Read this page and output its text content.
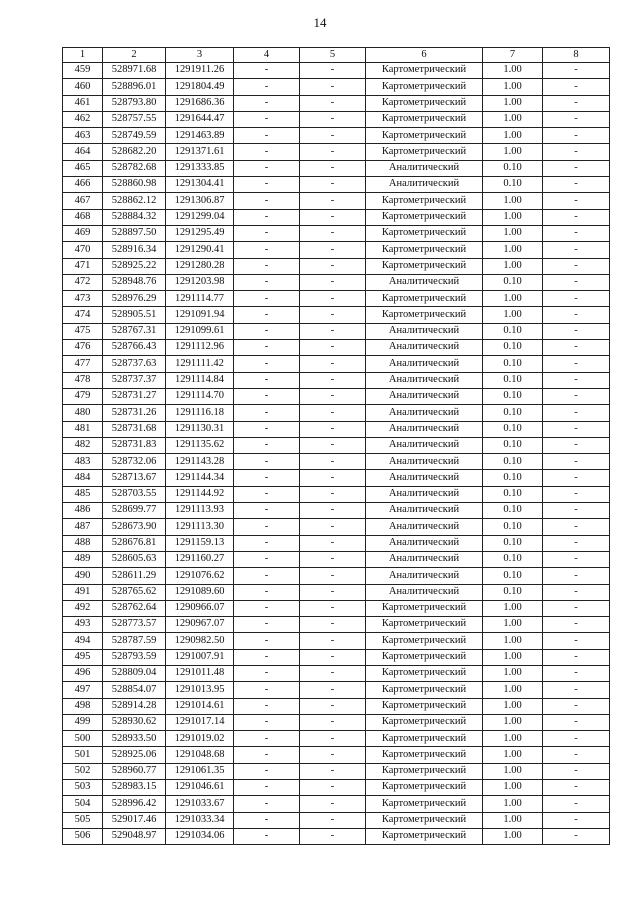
14
1	2	3	4	5	6	7	8
459	528971.68	1291911.26	-	-	Картометрический	1.00	-
460	528896.01	1291804.49	-	-	Картометрический	1.00	-
461	528793.80	1291686.36	-	-	Картометрический	1.00	-
462	528757.55	1291644.47	-	-	Картометрический	1.00	-
463	528749.59	1291463.89	-	-	Картометрический	1.00	-
464	528682.20	1291371.61	-	-	Картометрический	1.00	-
465	528782.68	1291333.85	-	-	Аналитический	0.10	-
466	528860.98	1291304.41	-	-	Аналитический	0.10	-
467	528862.12	1291306.87	-	-	Картометрический	1.00	-
468	528884.32	1291299.04	-	-	Картометрический	1.00	-
469	528897.50	1291295.49	-	-	Картометрический	1.00	-
470	528916.34	1291290.41	-	-	Картометрический	1.00	-
471	528925.22	1291280.28	-	-	Картометрический	1.00	-
472	528948.76	1291203.98	-	-	Аналитический	0.10	-
473	528976.29	1291114.77	-	-	Картометрический	1.00	-
474	528905.51	1291091.94	-	-	Картометрический	1.00	-
475	528767.31	1291099.61	-	-	Аналитический	0.10	-
476	528766.43	1291112.96	-	-	Аналитический	0.10	-
477	528737.63	1291111.42	-	-	Аналитический	0.10	-
478	528737.37	1291114.84	-	-	Аналитический	0.10	-
479	528731.27	1291114.70	-	-	Аналитический	0.10	-
480	528731.26	1291116.18	-	-	Аналитический	0.10	-
481	528731.68	1291130.31	-	-	Аналитический	0.10	-
482	528731.83	1291135.62	-	-	Аналитический	0.10	-
483	528732.06	1291143.28	-	-	Аналитический	0.10	-
484	528713.67	1291144.34	-	-	Аналитический	0.10	-
485	528703.55	1291144.92	-	-	Аналитический	0.10	-
486	528699.77	1291113.93	-	-	Аналитический	0.10	-
487	528673.90	1291113.30	-	-	Аналитический	0.10	-
488	528676.81	1291159.13	-	-	Аналитический	0.10	-
489	528605.63	1291160.27	-	-	Аналитический	0.10	-
490	528611.29	1291076.62	-	-	Аналитический	0.10	-
491	528765.62	1291089.60	-	-	Аналитический	0.10	-
492	528762.64	1290966.07	-	-	Картометрический	1.00	-
493	528773.57	1290967.07	-	-	Картометрический	1.00	-
494	528787.59	1290982.50	-	-	Картометрический	1.00	-
495	528793.59	1291007.91	-	-	Картометрический	1.00	-
496	528809.04	1291011.48	-	-	Картометрический	1.00	-
497	528854.07	1291013.95	-	-	Картометрический	1.00	-
498	528914.28	1291014.61	-	-	Картометрический	1.00	-
499	528930.62	1291017.14	-	-	Картометрический	1.00	-
500	528933.50	1291019.02	-	-	Картометрический	1.00	-
501	528925.06	1291048.68	-	-	Картометрический	1.00	-
502	528960.77	1291061.35	-	-	Картометрический	1.00	-
503	528983.15	1291046.61	-	-	Картометрический	1.00	-
504	528996.42	1291033.67	-	-	Картометрический	1.00	-
505	529017.46	1291033.34	-	-	Картометрический	1.00	-
506	529048.97	1291034.06	-	-	Картометрический	1.00	-
